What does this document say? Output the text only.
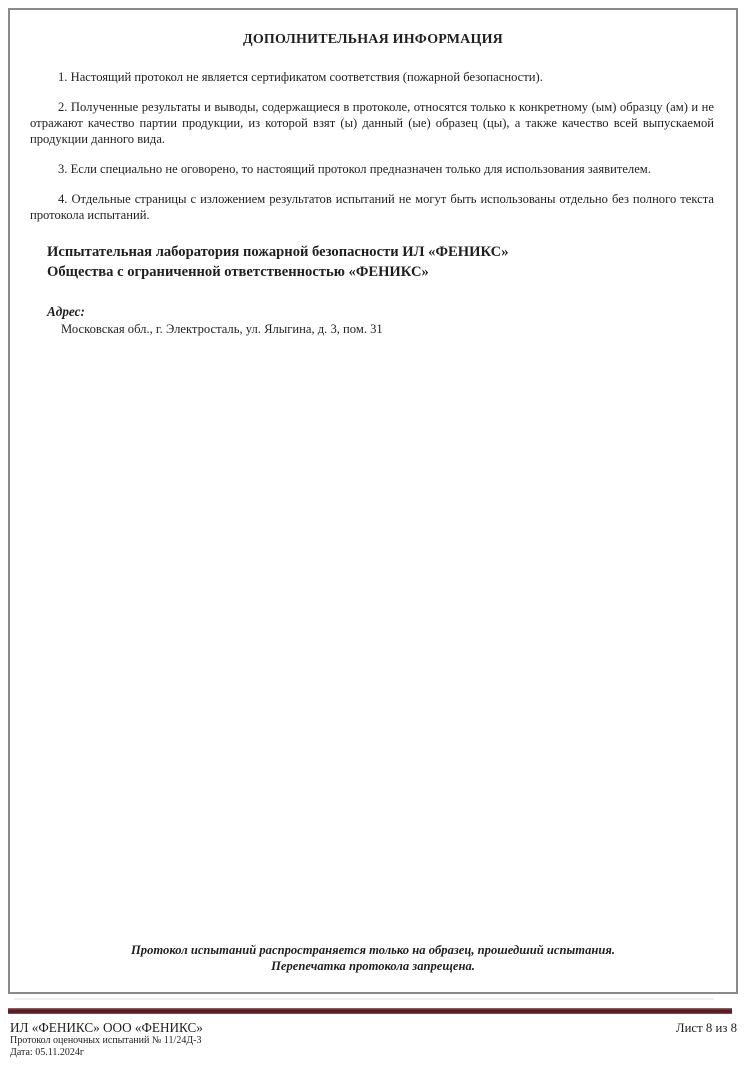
ДОПОЛНИТЕЛЬНАЯ ИНФОРМАЦИЯ

1. Настоящий протокол не является сертификатом соответствия (пожарной безопасности).

2. Полученные результаты и выводы, содержащиеся в протоколе, относятся только к конкретному (ым) образцу (ам) и не отражают качество партии продукции, из которой взят (ы) данный (ые) образец (цы), а также качество всей выпускаемой продукции данного вида.

3. Если специально не оговорено, то настоящий протокол предназначен только для использования заявителем.

4. Отдельные страницы с изложением результатов испытаний не могут быть использованы отдельно без полного текста протокола испытаний.

Испытательная лаборатория пожарной безопасности ИЛ «ФЕНИКС»
Общества с ограниченной ответственностью «ФЕНИКС»
Адрес:
Московская обл., г. Электросталь, ул. Ялыгина, д. 3, пом. 31
Протокол испытаний распространяется только на образец, прошедший испытания.
Перепечатка протокола запрещена.
ИЛ «ФЕНИКС» ООО «ФЕНИКС»
Протокол оценочных испытаний № 11/24Д-3
Дата: 05.11.2024г
Лист 8 из 8
